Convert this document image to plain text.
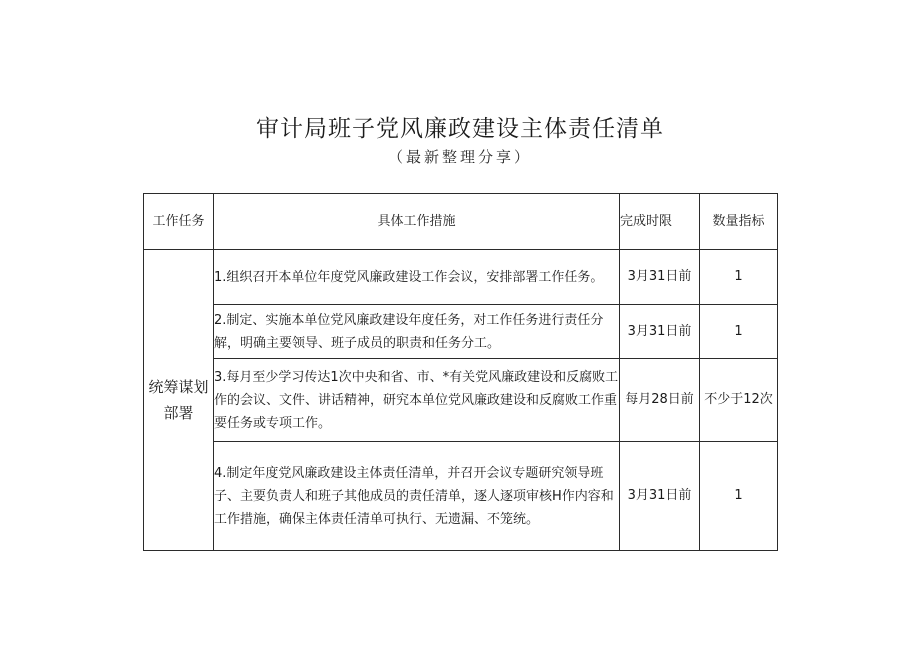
审计局班子党风廉政建设主体责任清单
（最新整理分享）
工作任务	具体工作措施	完成时限	数量指标
统筹谋划部署	1.组织召开本单位年度党风廉政建设工作会议，安排部署工作任务。	3月31日前	1
	2.制定、实施本单位党风廉政建设年度任务，对工作任务进行责任分解，明确主要领导、班子成员的职责和任务分工。	3月31日前	1
	3.每月至少学习传达1次中央和省、市、*有关党风廉政建设和反腐败工作的会议、文件、讲话精神，研究本单位党风廉政建设和反腐败工作重要任务或专项工作。	每月28日前	不少于12次
	4.制定年度党风廉政建设主体责任清单，并召开会议专题研究领导班子、主要负责人和班子其他成员的责任清单，逐人逐项审核H作内容和工作措施，确保主体责任清单可执行、无遗漏、不笼统。	3月31日前	1
